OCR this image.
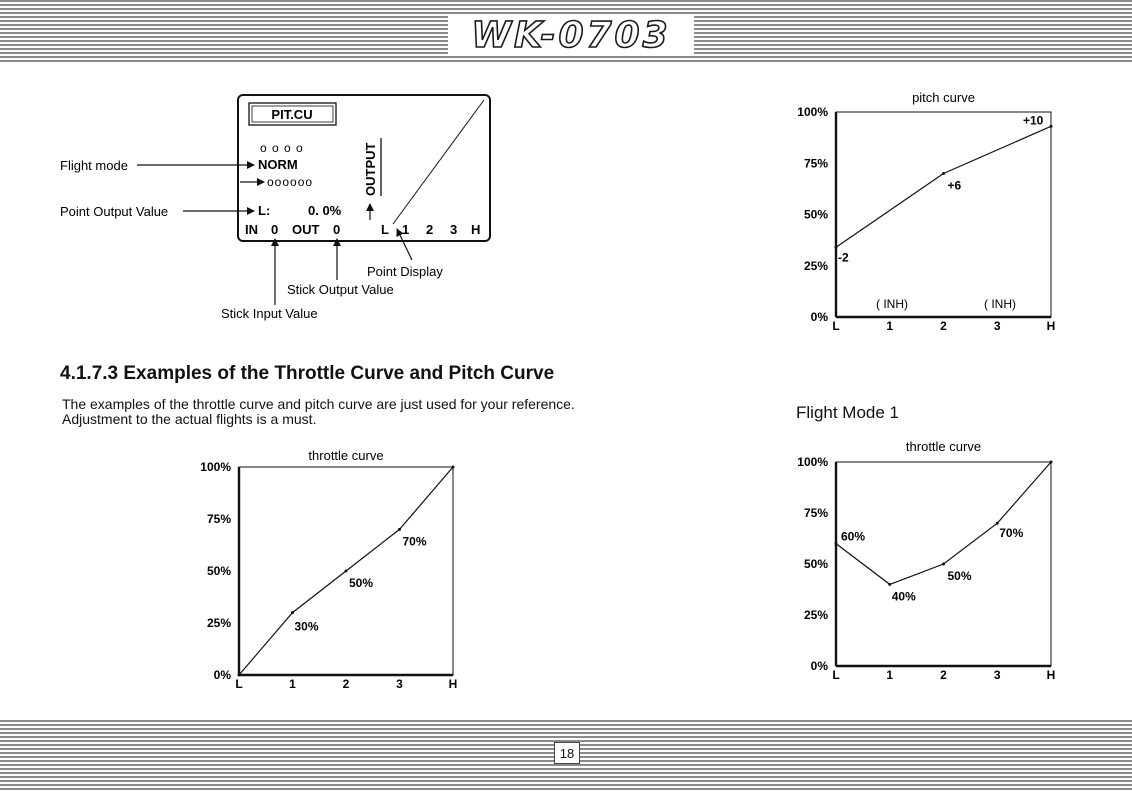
WK-0703
PIT.CU
o o o o
NORM
oooooo
L:	0. 0%
IN 0 OUT 0
OUTPUT
L 1 2 3 H
Flight mode
Point Output Value
Point Display
Stick Output Value
Stick Input Value
4.1.7.3 Examples of the Throttle Curve and Pitch Curve

The examples of the throttle curve and pitch curve are just used for your reference.

Adjustment to the actual flights is a must.	Flight Mode 1

throttle curve
0%
25%
50%
75%
100%
L	1	2	3	H
30%
50%
70%
pitch curve
0%
25%
50%
75%
100%
L	1	2	3	H
-2
+6
+10
( INH)	( INH)
throttle curve
0%
25%
50%
75%
100%
L	1	2	3	H
60%
40%
50%
70%
18
